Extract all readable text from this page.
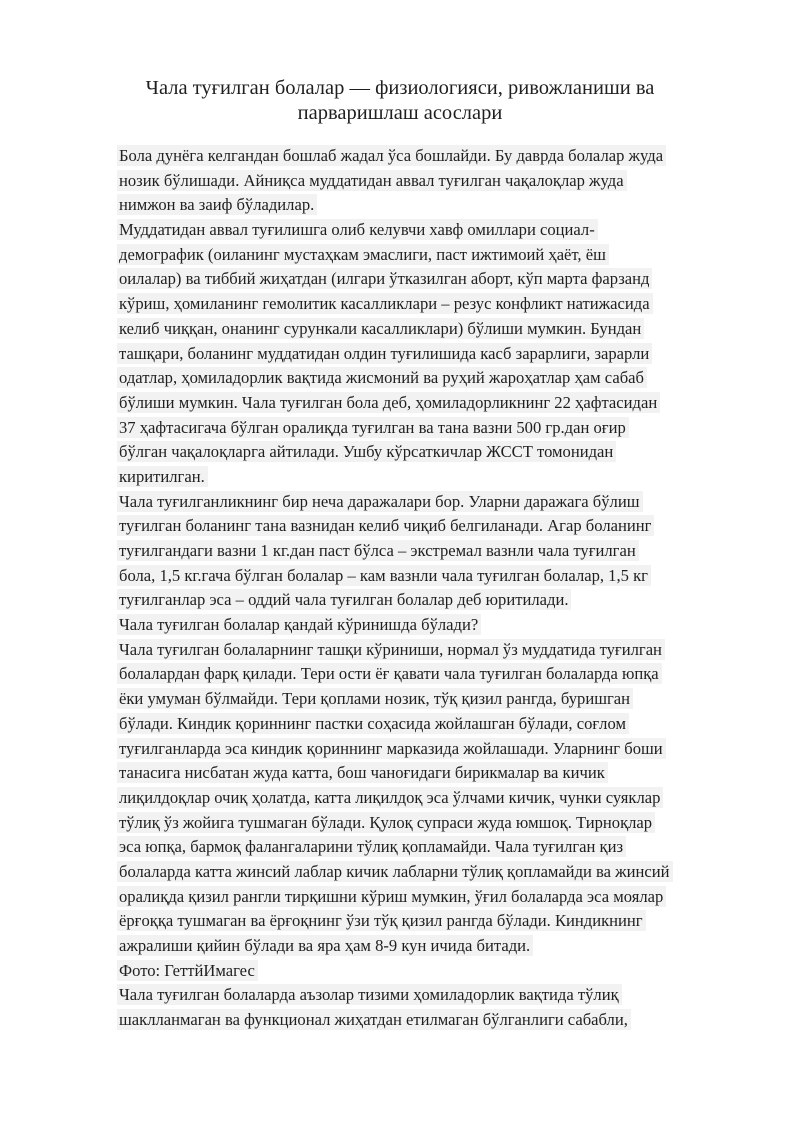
Чала туғилган болалар — физиологияси, ривожланиши ва
парваришлаш асослари
Бола дунёга келгандан бошлаб жадал ўса бошлайди. Бу даврда болалар жуда
нозик бўлишади. Айниқса муддатидан аввал туғилган чақалоқлар жуда
нимжон ва заиф бўладилар.
Муддатидан аввал туғилишга олиб келувчи хавф омиллари социал-
демографик (оиланинг мустаҳкам эмаслиги, паст ижтимоий ҳаёт, ёш
оилалар) ва тиббий жиҳатдан (илгари ўтказилган аборт, кўп марта фарзанд
кўриш, ҳомиланинг гемолитик касалликлари – резус конфликт натижасида
келиб чиққан, онанинг сурункали касалликлари) бўлиши мумкин. Бундан
ташқари, боланинг муддатидан олдин туғилишида касб зарарлиги, зарарли
одатлар, ҳомиладорлик вақтида жисмоний ва руҳий жароҳатлар ҳам сабаб
бўлиши мумкин. Чала туғилган бола деб, ҳомиладорликнинг 22 ҳафтасидан
37 ҳафтасигача бўлган оралиқда туғилган ва тана вазни 500 гр.дан оғир
бўлган чақалоқларга айтилади. Ушбу кўрсаткичлар ЖССТ томонидан
киритилган.
Чала туғилганликнинг бир неча даражалари бор. Уларни даражага бўлиш
туғилган боланинг тана вазнидан келиб чиқиб белгиланади. Агар боланинг
туғилгандаги вазни 1 кг.дан паст бўлса – экстремал вазнли чала туғилган
бола, 1,5 кг.гача бўлган болалар – кам вазнли чала туғилган болалар, 1,5 кг
туғилганлар эса – оддий чала туғилган болалар деб юритилади.
Чала туғилган болалар қандай кўринишда бўлади?
Чала туғилган болаларнинг ташқи кўриниши, нормал ўз муддатида туғилган
болалардан фарқ қилади. Тери ости ёғ қавати чала туғилган болаларда юпқа
ёки умуман бўлмайди. Тери қоплами нозик, тўқ қизил рангда, буришган
бўлади. Киндик қориннинг пастки соҳасида жойлашган бўлади, соғлом
туғилганларда эса киндик қориннинг марказида жойлашади. Уларнинг боши
танасига нисбатан жуда катта, бош чаноғидаги бирикмалар ва кичик
лиқилдоқлар очиқ ҳолатда, катта лиқилдоқ эса ўлчами кичик, чунки суяклар
тўлиқ ўз жойига тушмаган бўлади. Қулоқ супраси жуда юмшоқ. Тирноқлар
эса юпқа, бармоқ фалангаларини тўлиқ қопламайди. Чала туғилган қиз
болаларда катта жинсий лаблар кичик лабларни тўлиқ қопламайди ва жинсий
оралиқда қизил рангли тирқишни кўриш мумкин, ўғил болаларда эса моялар
ёрғоққа тушмаган ва ёрғоқнинг ўзи тўқ қизил рангда бўлади. Киндикнинг
ажралиши қийин бўлади ва яра ҳам 8-9 кун ичида битади.
Фото: ГеттйИмагес
Чала туғилган болаларда аъзолар тизими ҳомиладорлик вақтида тўлиқ
шаклланмаган ва функционал жиҳатдан етилмаган бўлганлиги сабабли,
